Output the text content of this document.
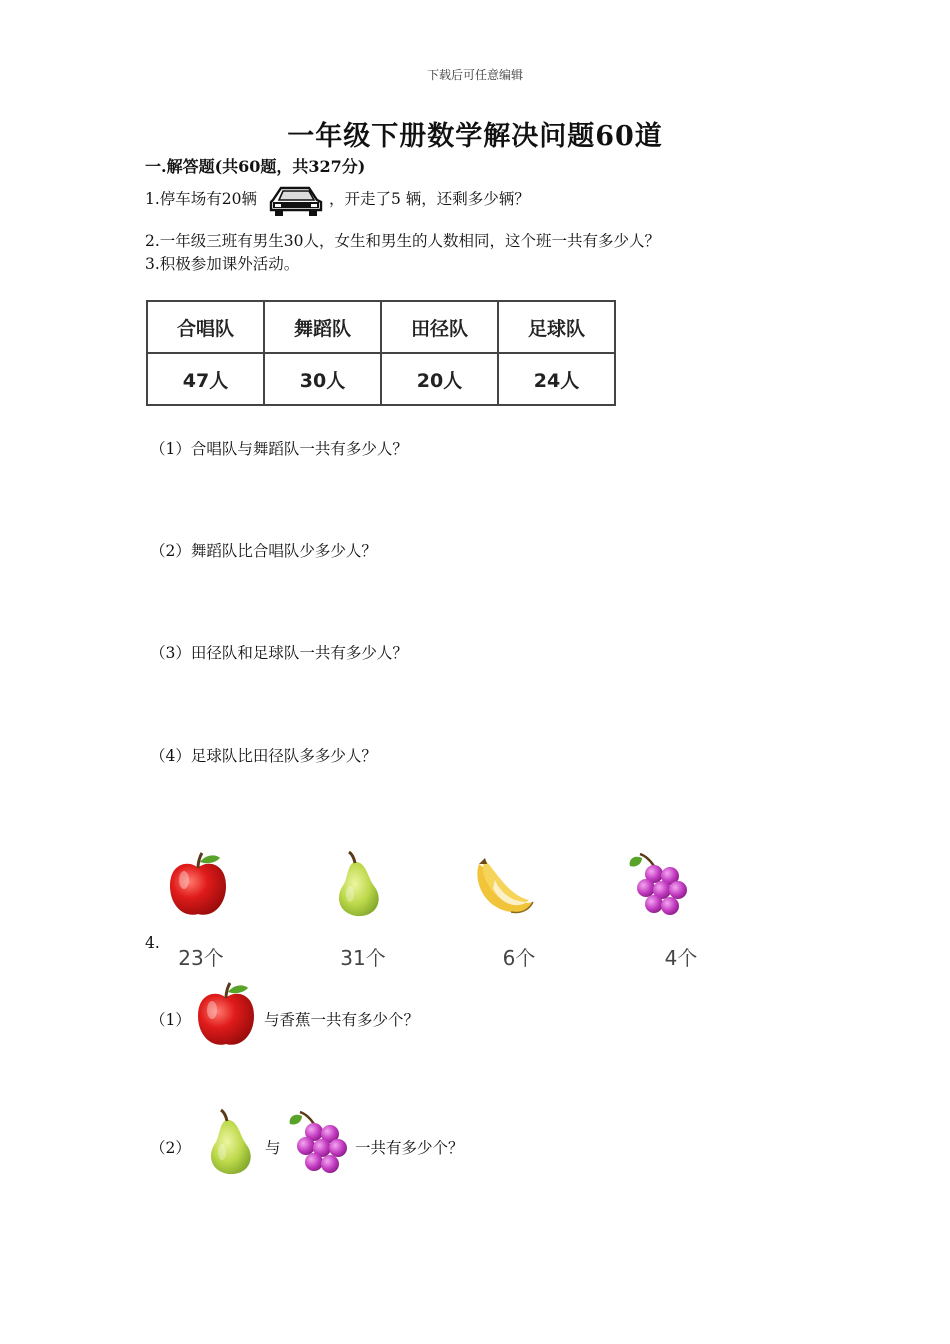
下载后可任意编辑
一年级下册数学解决问题60道
一.解答题(共60题，共327分)
1.停车场有20辆	，开走了5 辆，还剩多少辆？
2.一年级三班有男生30人，女生和男生的人数相同，这个班一共有多少人？
3.积极参加课外活动。
合唱队	舞蹈队	田径队	足球队
47人	30人	20人	24人
（1）合唱队与舞蹈队一共有多少人？
（2）舞蹈队比合唱队少多少人？
（3）田径队和足球队一共有多少人？
（4）足球队比田径队多多少人？
4.
23个	31个	6个	4个
（1）	与香蕉一共有多少个？
（2）	与	一共有多少个？
